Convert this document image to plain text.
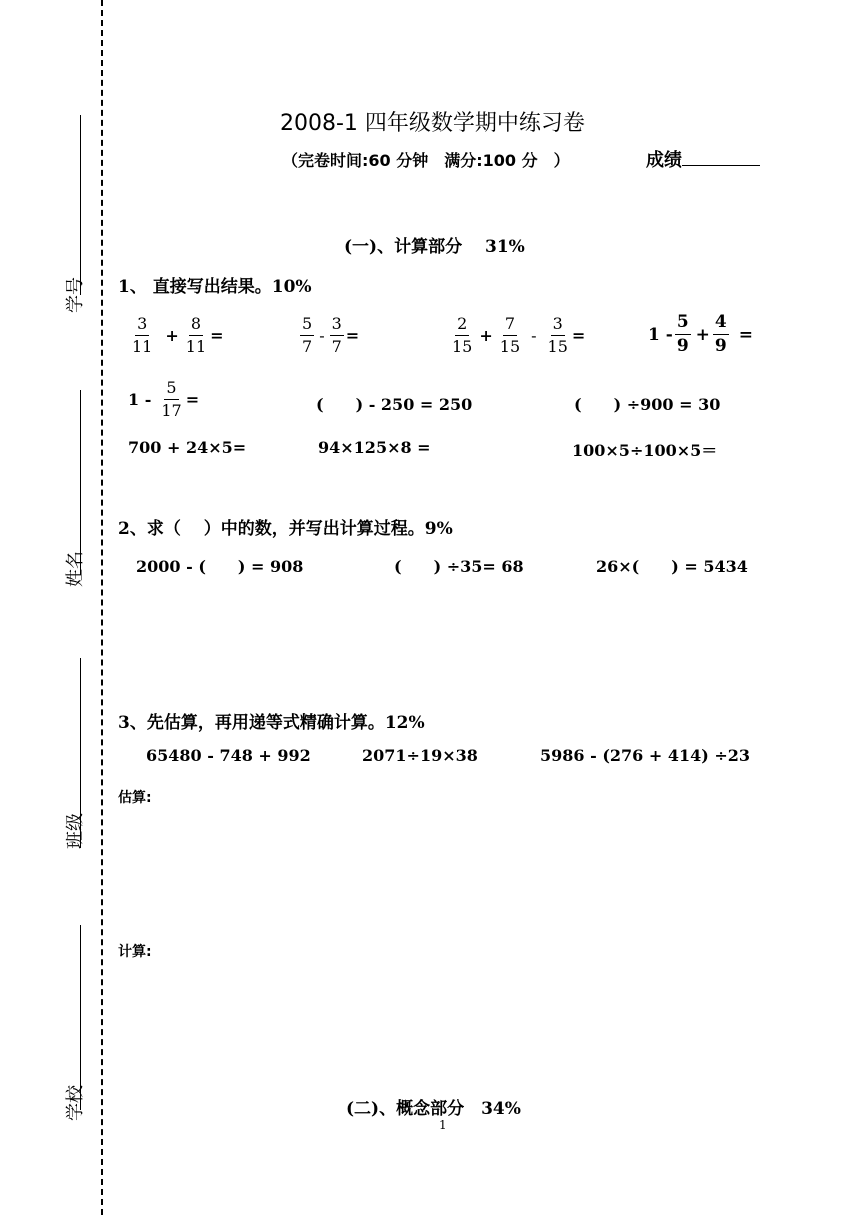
学号
姓名
班级
学校
2008-1 四年级数学期中练习卷
（完卷时间:60 分钟　满分:100 分　）	成绩
(一)、计算部分　 31%
1、 直接写出结果。10%
$\frac{3}{11} + \frac{8}{11}$ =	$\frac{5}{7} - \frac{3}{7}$ =	$\frac{2}{15} + \frac{7}{15} - \frac{3}{15}$ =	$1 - \frac{5}{9} + \frac{4}{9}$ =
$1 - \frac{5}{17}$ =	(　　) - 250 = 250	(　　) ÷900 = 30
700 + 24×5=	94×125×8 =	100×5÷100×5＝
2、求（　 ）中的数，并写出计算过程。9%
2000 - (　　) = 908	(　　) ÷35= 68	26×(　　) = 5434
3、先估算，再用递等式精确计算。12%
65480 - 748 + 992	2071÷19×38	5986 - (276 + 414) ÷23
估算:
计算:
(二)、概念部分　34%
1
